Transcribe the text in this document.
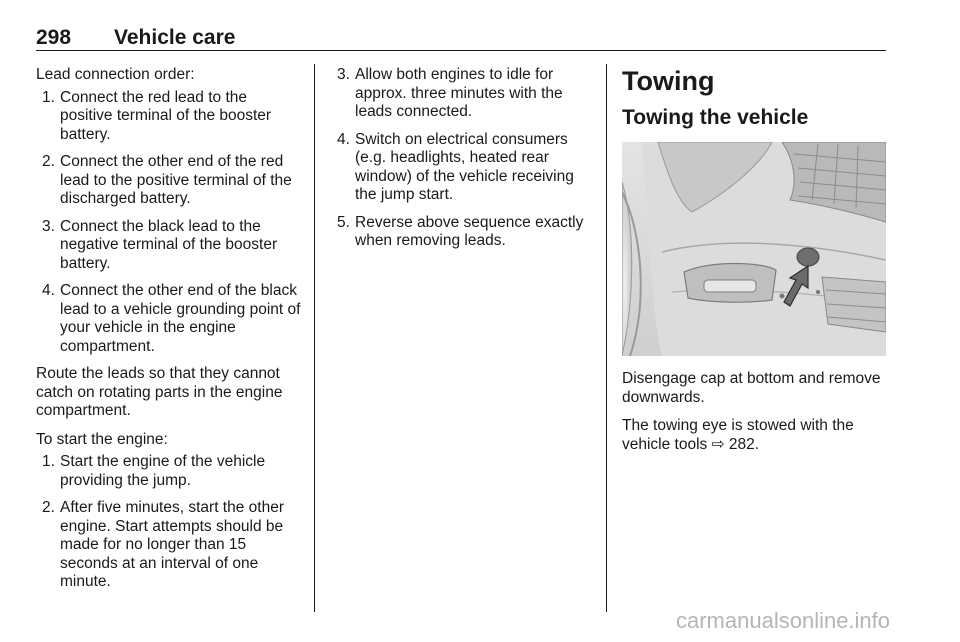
298 Vehicle care

Lead connection order:

1. Connect the red lead to the positive terminal of the booster battery.
2. Connect the other end of the red lead to the positive terminal of the discharged battery.
3. Connect the black lead to the negative terminal of the booster battery.
4. Connect the other end of the black lead to a vehicle grounding point of your vehicle in the engine compartment.

Route the leads so that they cannot catch on rotating parts in the engine compartment.

To start the engine:

1. Start the engine of the vehicle providing the jump.
2. After five minutes, start the other engine. Start attempts should be made for no longer than 15 seconds at an interval of one minute.
3. Allow both engines to idle for approx. three minutes with the leads connected.
4. Switch on electrical consumers (e.g. headlights, heated rear window) of the vehicle receiving the jump start.
5. Reverse above sequence exactly when removing leads.
Towing
Towing the vehicle

Disengage cap at bottom and remove downwards.

The towing eye is stowed with the vehicle tools ⇨ 282.

carmanualsonline.info
